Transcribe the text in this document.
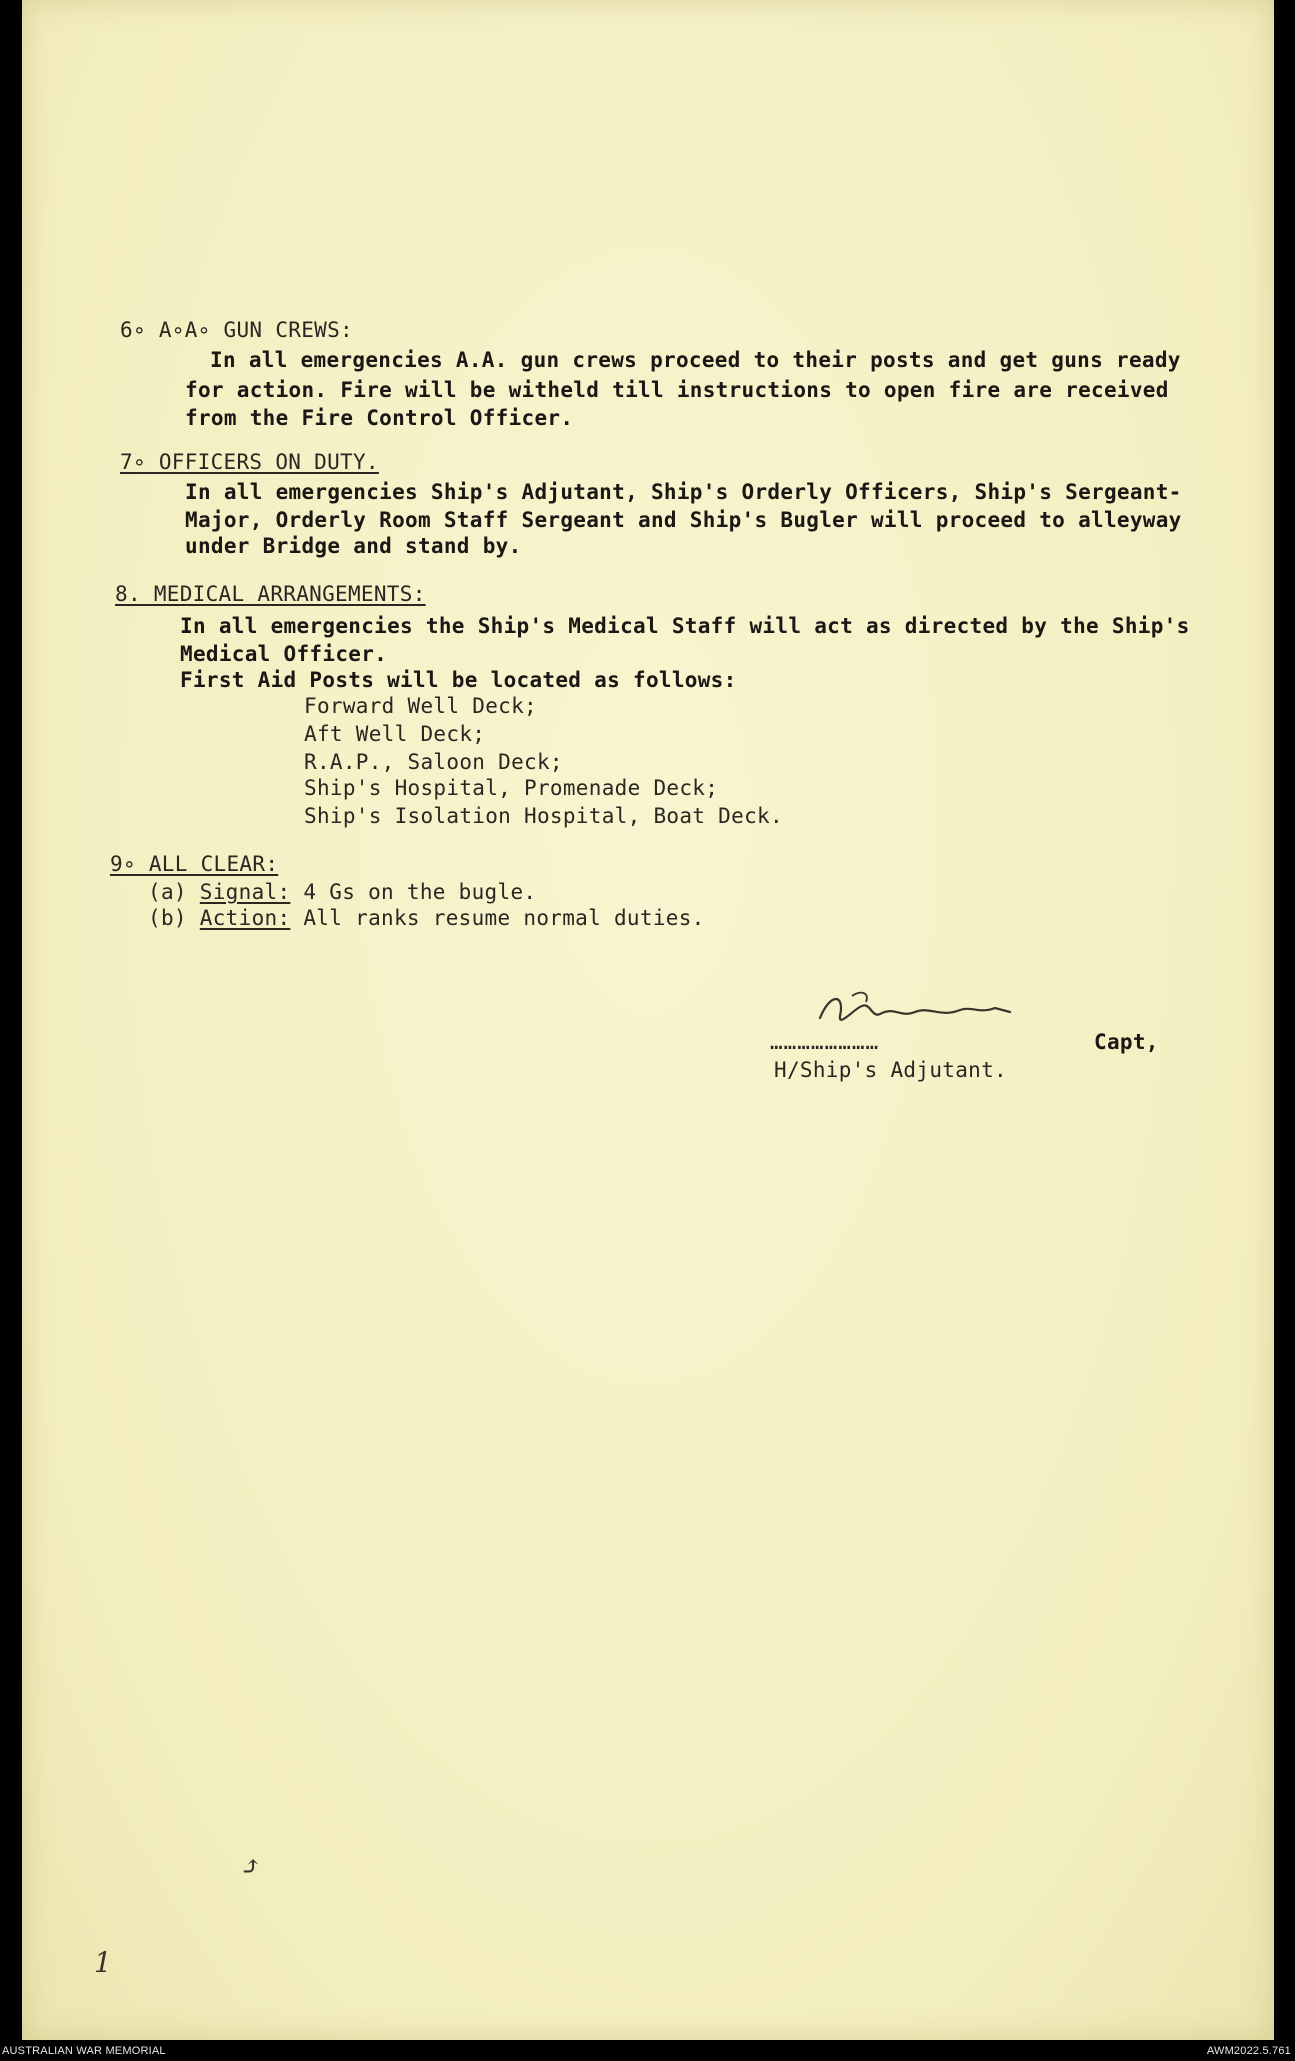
6∘ A∘A∘ GUN CREWS:
In all emergencies A.A. gun crews proceed to their posts and get guns ready
for action. Fire will be witheld till instructions to open fire are received
from the Fire Control Officer.
7∘ OFFICERS ON DUTY.
In all emergencies Ship's Adjutant, Ship's Orderly Officers, Ship's Sergeant-
Major, Orderly Room Staff Sergeant and Ship's Bugler will proceed to alleyway
under Bridge and stand by.
8. MEDICAL ARRANGEMENTS:
In all emergencies the Ship's Medical Staff will act as directed by the Ship's
Medical Officer.
First Aid Posts will be located as follows:
Forward Well Deck;
Aft Well Deck;
R.A.P., Saloon Deck;
Ship's Hospital, Promenade Deck;
Ship's Isolation Hospital, Boat Deck.
9∘ ALL CLEAR:
(a) Signal: 4 Gs on the bugle.
(b) Action: All ranks resume normal duties.
……………………	Capt,
H/Ship's Adjutant.
⤴
1
AUSTRALIAN WAR MEMORIAL	AWM2022.5.761
